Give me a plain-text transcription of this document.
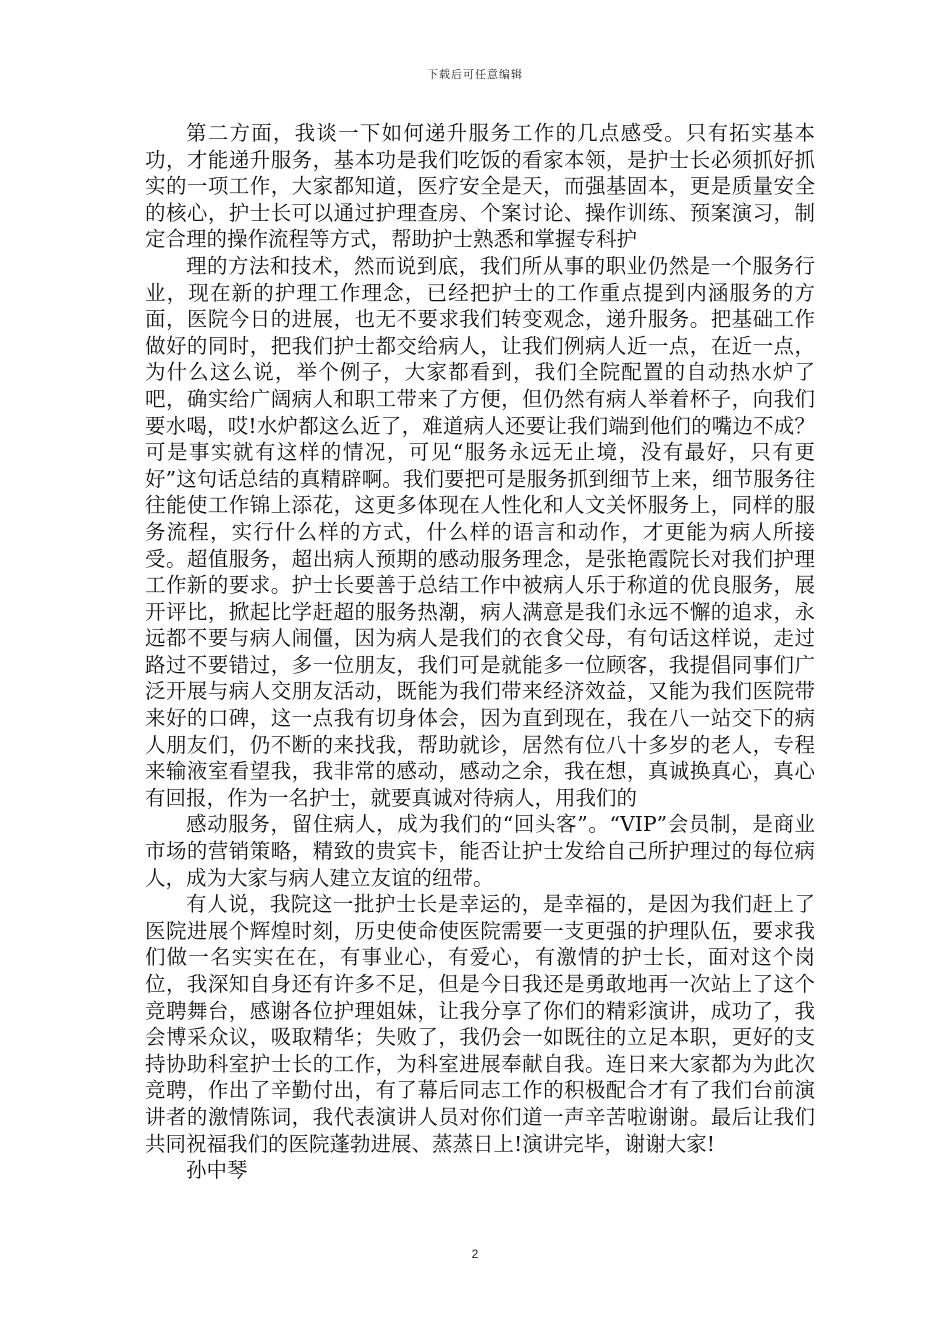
下载后可任意编辑

第二方面，我谈一下如何递升服务工作的几点感受。只有拓实基本功，才能递升服务，基本功是我们吃饭的看家本领，是护士长必须抓好抓实的一项工作，大家都知道，医疗安全是天，而强基固本，更是质量安全的核心，护士长可以通过护理查房、个案讨论、操作训练、预案演习，制定合理的操作流程等方式，帮助护士熟悉和掌握专科护

理的方法和技术，然而说到底，我们所从事的职业仍然是一个服务行业，现在新的护理工作理念，已经把护士的工作重点提到内涵服务的方面，医院今日的进展，也无不要求我们转变观念，递升服务。把基础工作做好的同时，把我们护士都交给病人，让我们例病人近一点，在近一点，为什么这么说，举个例子，大家都看到，我们全院配置的自动热水炉了吧，确实给广阔病人和职工带来了方便，但仍然有病人举着杯子，向我们要水喝，哎!水炉都这么近了，难道病人还要让我们端到他们的嘴边不成？可是事实就有这样的情况，可见“服务永远无止境，没有最好，只有更好”这句话总结的真精辟啊。我们要把可是服务抓到细节上来，细节服务往往能使工作锦上添花，这更多体现在人性化和人文关怀服务上，同样的服务流程，实行什么样的方式，什么样的语言和动作，才更能为病人所接受。超值服务，超出病人预期的感动服务理念，是张艳霞院长对我们护理工作新的要求。护士长要善于总结工作中被病人乐于称道的优良服务，展开评比，掀起比学赶超的服务热潮，病人满意是我们永远不懈的追求，永远都不要与病人闹僵，因为病人是我们的衣食父母，有句话这样说，走过路过不要错过，多一位朋友，我们可是就能多一位顾客，我提倡同事们广泛开展与病人交朋友活动，既能为我们带来经济效益，又能为我们医院带来好的口碑，这一点我有切身体会，因为直到现在，我在八一站交下的病人朋友们，仍不断的来找我，帮助就诊，居然有位八十多岁的老人，专程来输液室看望我，我非常的感动，感动之余，我在想，真诚换真心，真心有回报，作为一名护士，就要真诚对待病人，用我们的

感动服务，留住病人，成为我们的“回头客”。“VIP”会员制，是商业市场的营销策略，精致的贵宾卡，能否让护士发给自己所护理过的每位病人，成为大家与病人建立友谊的纽带。

有人说，我院这一批护士长是幸运的，是幸福的，是因为我们赶上了医院进展个辉煌时刻，历史使命使医院需要一支更强的护理队伍，要求我们做一名实实在在，有事业心，有爱心，有激情的护士长，面对这个岗位，我深知自身还有许多不足，但是今日我还是勇敢地再一次站上了这个竞聘舞台，感谢各位护理姐妹，让我分享了你们的精彩演讲，成功了，我会博采众议，吸取精华；失败了，我仍会一如既往的立足本职，更好的支持协助科室护士长的工作，为科室进展奉献自我。连日来大家都为为此次竞聘，作出了辛勤付出，有了幕后同志工作的积极配合才有了我们台前演讲者的激情陈词，我代表演讲人员对你们道一声辛苦啦谢谢。最后让我们共同祝福我们的医院蓬勃进展、蒸蒸日上!演讲完毕，谢谢大家!

孙中琴

2
